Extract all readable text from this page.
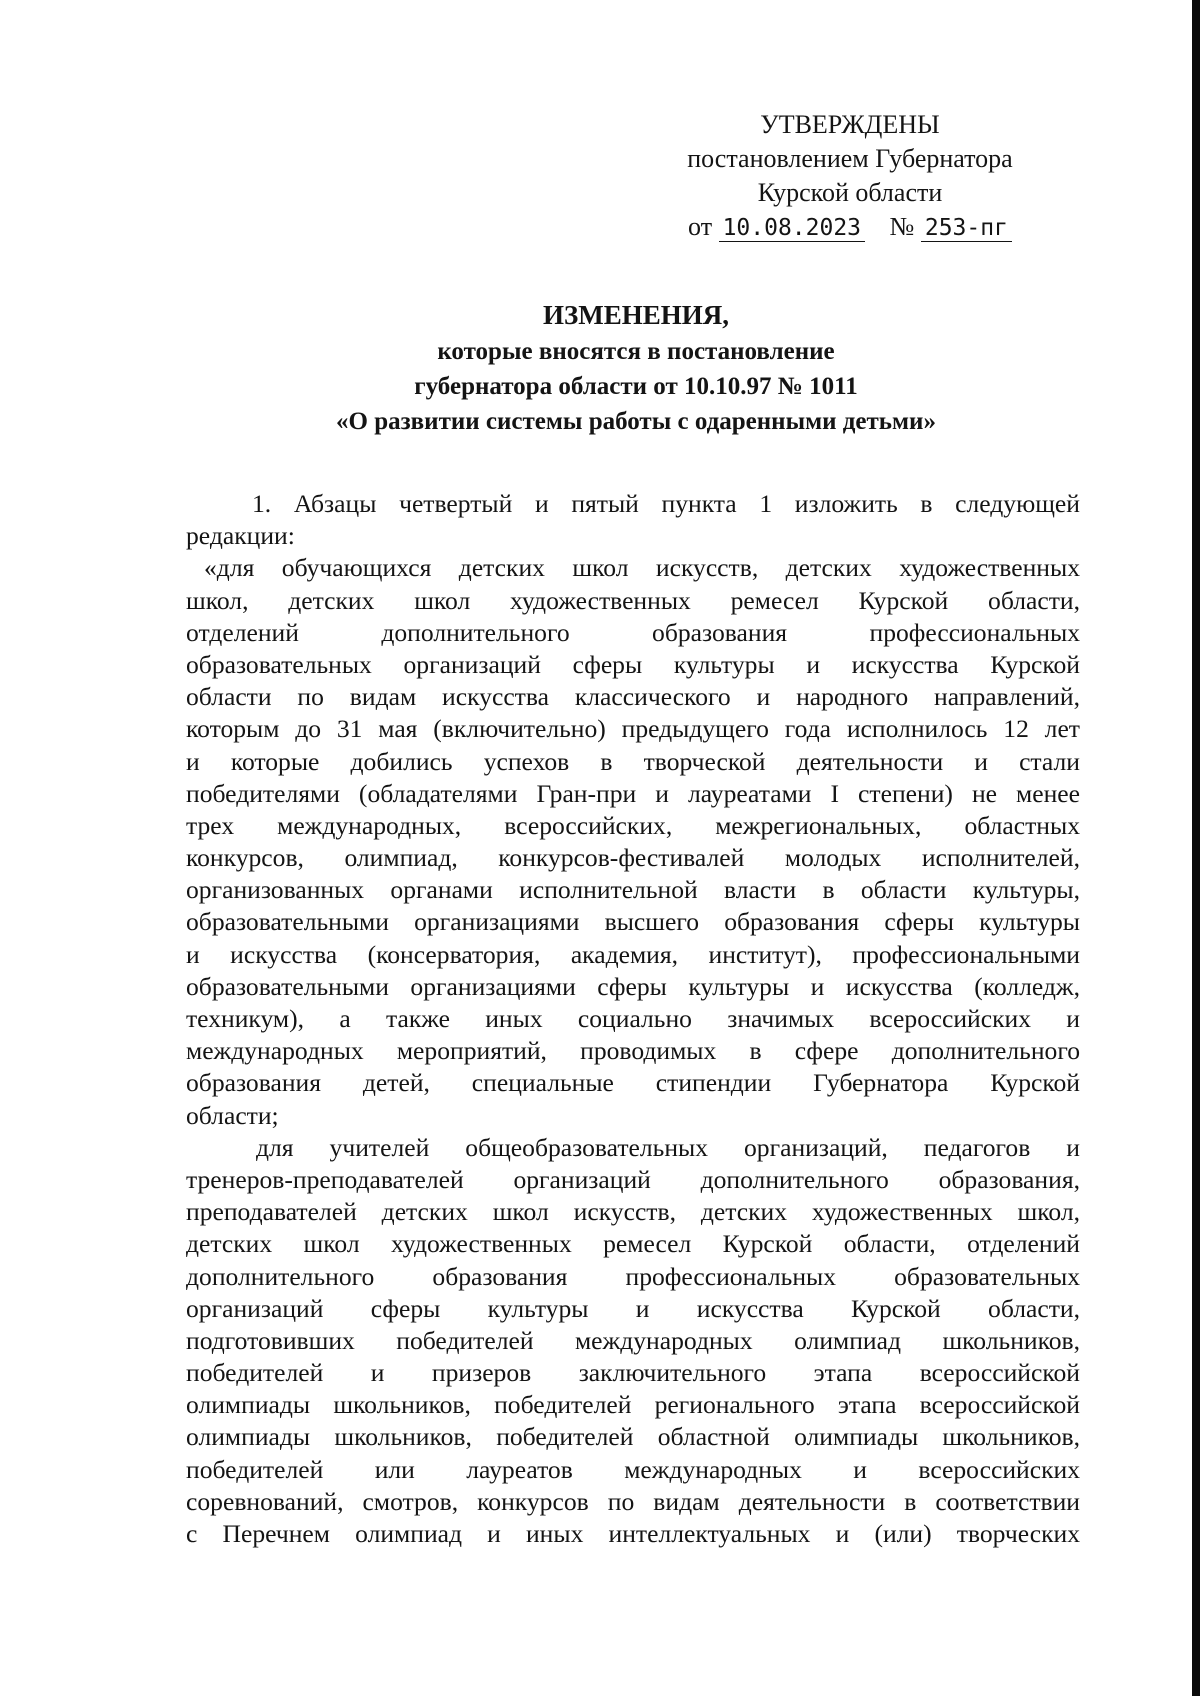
УТВЕРЖДЕНЫ
постановлением Губернатора
Курской области
от 10.08.2023 № 253-пг
ИЗМЕНЕНИЯ,
которые вносятся в постановление
губернатора области от 10.10.97 № 1011
«О развитии системы работы с одаренными детьми»
1. Абзацы четвертый и пятый пункта 1 изложить в следующей
редакции:
«для обучающихся детских школ искусств, детских художественных
школ, детских школ художественных ремесел Курской области,
отделений дополнительного образования профессиональных
образовательных организаций сферы культуры и искусства Курской
области по видам искусства классического и народного направлений,
которым до 31 мая (включительно) предыдущего года исполнилось 12 лет
и которые добились успехов в творческой деятельности и стали
победителями (обладателями Гран-при и лауреатами I степени) не менее
трех международных, всероссийских, межрегиональных, областных
конкурсов, олимпиад, конкурсов-фестивалей молодых исполнителей,
организованных органами исполнительной власти в области культуры,
образовательными организациями высшего образования сферы культуры
и искусства (консерватория, академия, институт), профессиональными
образовательными организациями сферы культуры и искусства (колледж,
техникум), а также иных социально значимых всероссийских и
международных мероприятий, проводимых в сфере дополнительного
образования детей, специальные стипендии Губернатора Курской
области;
для учителей общеобразовательных организаций, педагогов и
тренеров-преподавателей организаций дополнительного образования,
преподавателей детских школ искусств, детских художественных школ,
детских школ художественных ремесел Курской области, отделений
дополнительного образования профессиональных образовательных
организаций сферы культуры и искусства Курской области,
подготовивших победителей международных олимпиад школьников,
победителей и призеров заключительного этапа всероссийской
олимпиады школьников, победителей регионального этапа всероссийской
олимпиады школьников, победителей областной олимпиады школьников,
победителей или лауреатов международных и всероссийских
соревнований, смотров, конкурсов по видам деятельности в соответствии
с Перечнем олимпиад и иных интеллектуальных и (или) творческих
